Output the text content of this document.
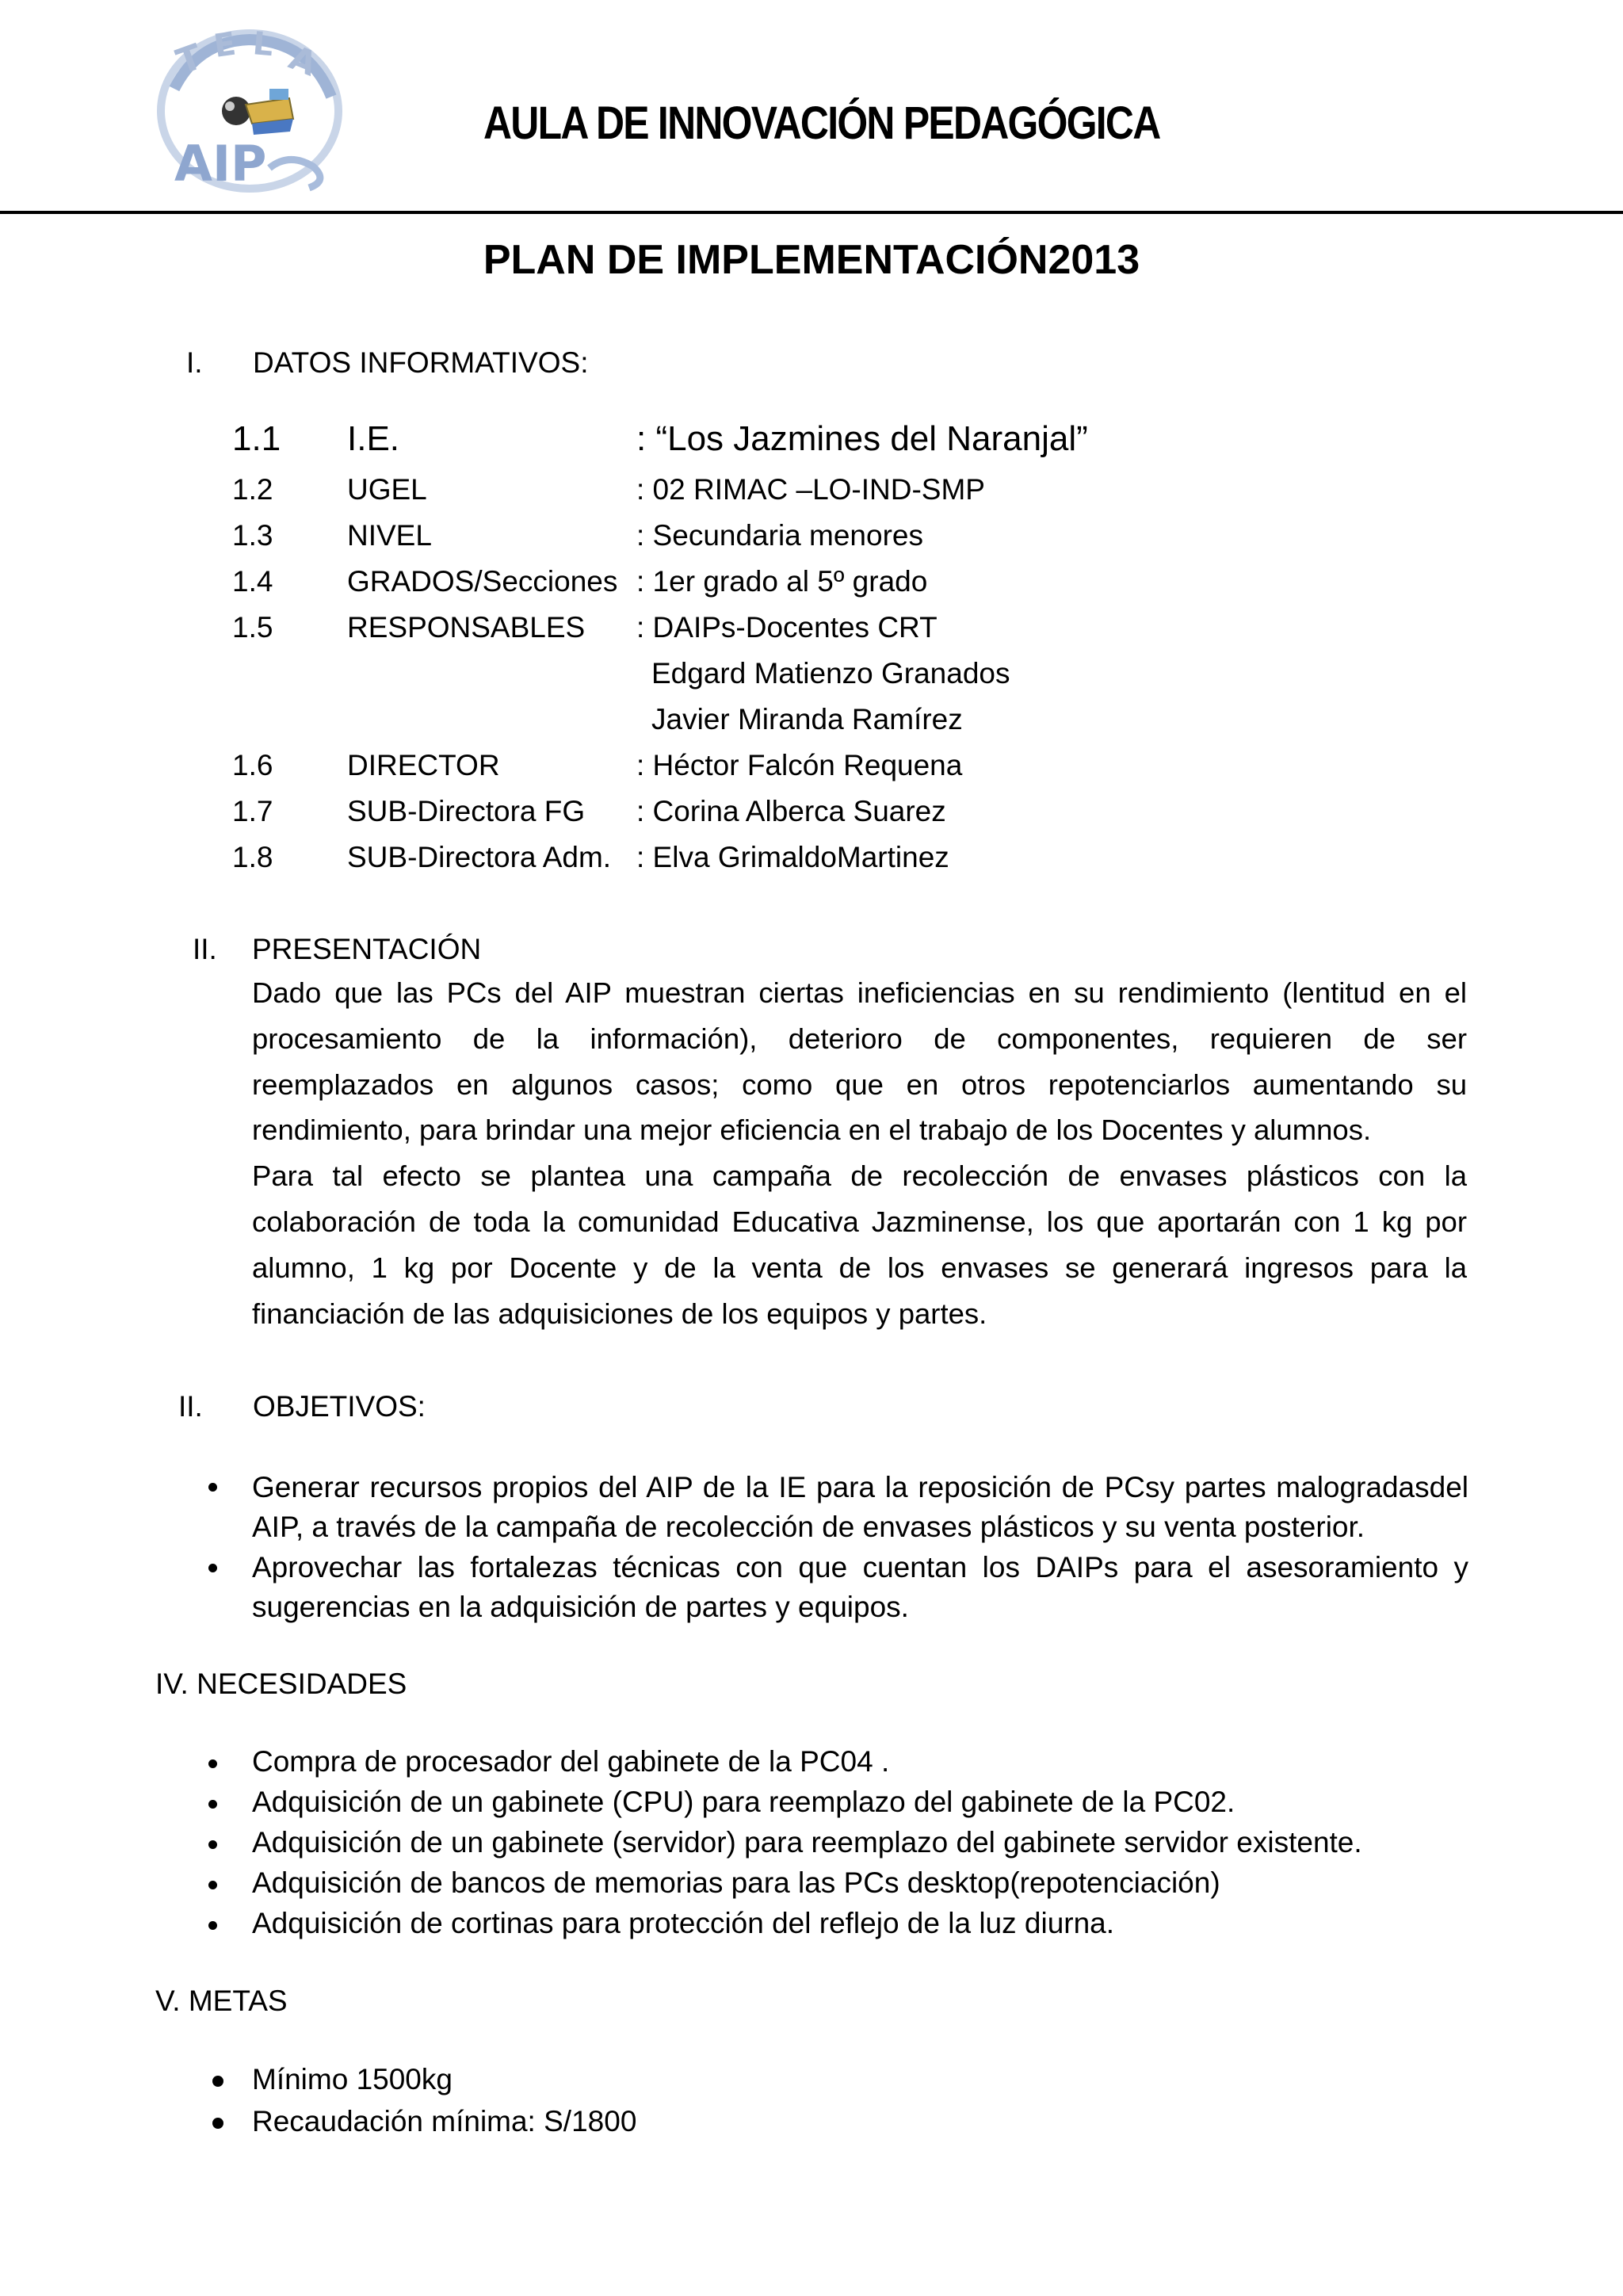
T E L A
AIP
AULA DE INNOVACIÓN PEDAGÓGICA
PLAN DE IMPLEMENTACIÓN2013
I. DATOS INFORMATIVOS:
1.1 I.E.	: “Los Jazmines del Naranjal”
1.2	UGEL	: 02 RIMAC –LO-IND-SMP
1.3	NIVEL	: Secundaria menores
1.4	GRADOS/Secciones : 1er grado al 5º grado
1.5	RESPONSABLES : DAIPs-Docentes CRT
Edgard Matienzo Granados
Javier Miranda Ramírez
1.6	DIRECTOR	: Héctor Falcón Requena
1.7	SUB-Directora FG : Corina Alberca Suarez
1.8	SUB-Directora Adm. : Elva GrimaldoMartinez
II. PRESENTACIÓN
Dado que las PCs del AIP muestran ciertas ineficiencias en su rendimiento (lentitud en el
procesamiento de la información), deterioro de componentes, requieren de ser
reemplazados en algunos casos; como que en otros repotenciarlos aumentando su
rendimiento, para brindar una mejor eficiencia en el trabajo de los Docentes y alumnos.
Para tal efecto se plantea una campaña de recolección de envases plásticos con la
colaboración de toda la comunidad Educativa Jazminense, los que aportarán con 1 kg por
alumno, 1 kg por Docente y de la venta de los envases se generará ingresos para la
financiación de las adquisiciones de los equipos y partes.
II. OBJETIVOS:
Generar recursos propios del AIP de la IE para la reposición de PCsy partes malogradasdel
AIP, a través de la campaña de recolección de envases plásticos y su venta posterior.
Aprovechar las fortalezas técnicas con que cuentan los DAIPs para el asesoramiento y
sugerencias en la adquisición de partes y equipos.
IV. NECESIDADES
Compra de procesador del gabinete de la PC04 .
Adquisición de un gabinete (CPU) para reemplazo del gabinete de la PC02.
Adquisición de un gabinete (servidor) para reemplazo del gabinete servidor existente.
Adquisición de bancos de memorias para las PCs desktop(repotenciación)
Adquisición de cortinas para protección del reflejo de la luz diurna.
V. METAS
Mínimo 1500kg
Recaudación mínima: S/1800
